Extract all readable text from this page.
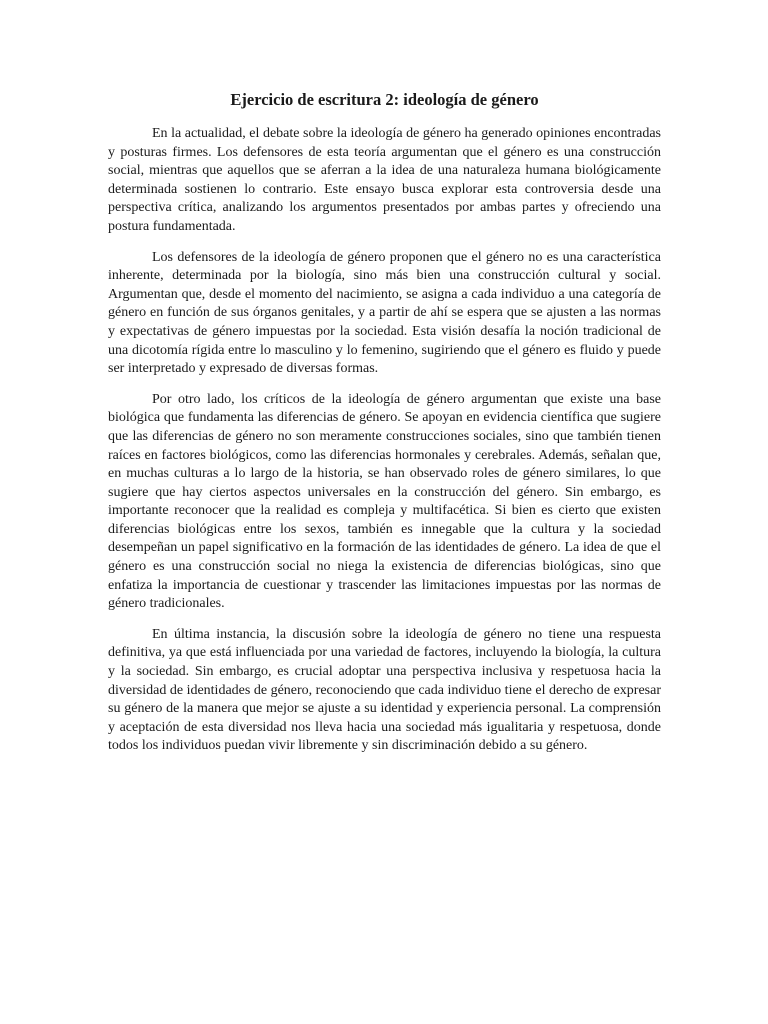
Ejercicio de escritura 2: ideología de género

En la actualidad, el debate sobre la ideología de género ha generado opiniones encontradas y posturas firmes. Los defensores de esta teoría argumentan que el género es una construcción social, mientras que aquellos que se aferran a la idea de una naturaleza humana biológicamente determinada sostienen lo contrario. Este ensayo busca explorar esta controversia desde una perspectiva crítica, analizando los argumentos presentados por ambas partes y ofreciendo una postura fundamentada.

Los defensores de la ideología de género proponen que el género no es una característica inherente, determinada por la biología, sino más bien una construcción cultural y social. Argumentan que, desde el momento del nacimiento, se asigna a cada individuo a una categoría de género en función de sus órganos genitales, y a partir de ahí se espera que se ajusten a las normas y expectativas de género impuestas por la sociedad. Esta visión desafía la noción tradicional de una dicotomía rígida entre lo masculino y lo femenino, sugiriendo que el género es fluido y puede ser interpretado y expresado de diversas formas.

Por otro lado, los críticos de la ideología de género argumentan que existe una base biológica que fundamenta las diferencias de género. Se apoyan en evidencia científica que sugiere que las diferencias de género no son meramente construcciones sociales, sino que también tienen raíces en factores biológicos, como las diferencias hormonales y cerebrales. Además, señalan que, en muchas culturas a lo largo de la historia, se han observado roles de género similares, lo que sugiere que hay ciertos aspectos universales en la construcción del género. Sin embargo, es importante reconocer que la realidad es compleja y multifacética. Si bien es cierto que existen diferencias biológicas entre los sexos, también es innegable que la cultura y la sociedad desempeñan un papel significativo en la formación de las identidades de género. La idea de que el género es una construcción social no niega la existencia de diferencias biológicas, sino que enfatiza la importancia de cuestionar y trascender las limitaciones impuestas por las normas de género tradicionales.

En última instancia, la discusión sobre la ideología de género no tiene una respuesta definitiva, ya que está influenciada por una variedad de factores, incluyendo la biología, la cultura y la sociedad. Sin embargo, es crucial adoptar una perspectiva inclusiva y respetuosa hacia la diversidad de identidades de género, reconociendo que cada individuo tiene el derecho de expresar su género de la manera que mejor se ajuste a su identidad y experiencia personal. La comprensión y aceptación de esta diversidad nos lleva hacia una sociedad más igualitaria y respetuosa, donde todos los individuos puedan vivir libremente y sin discriminación debido a su género.
